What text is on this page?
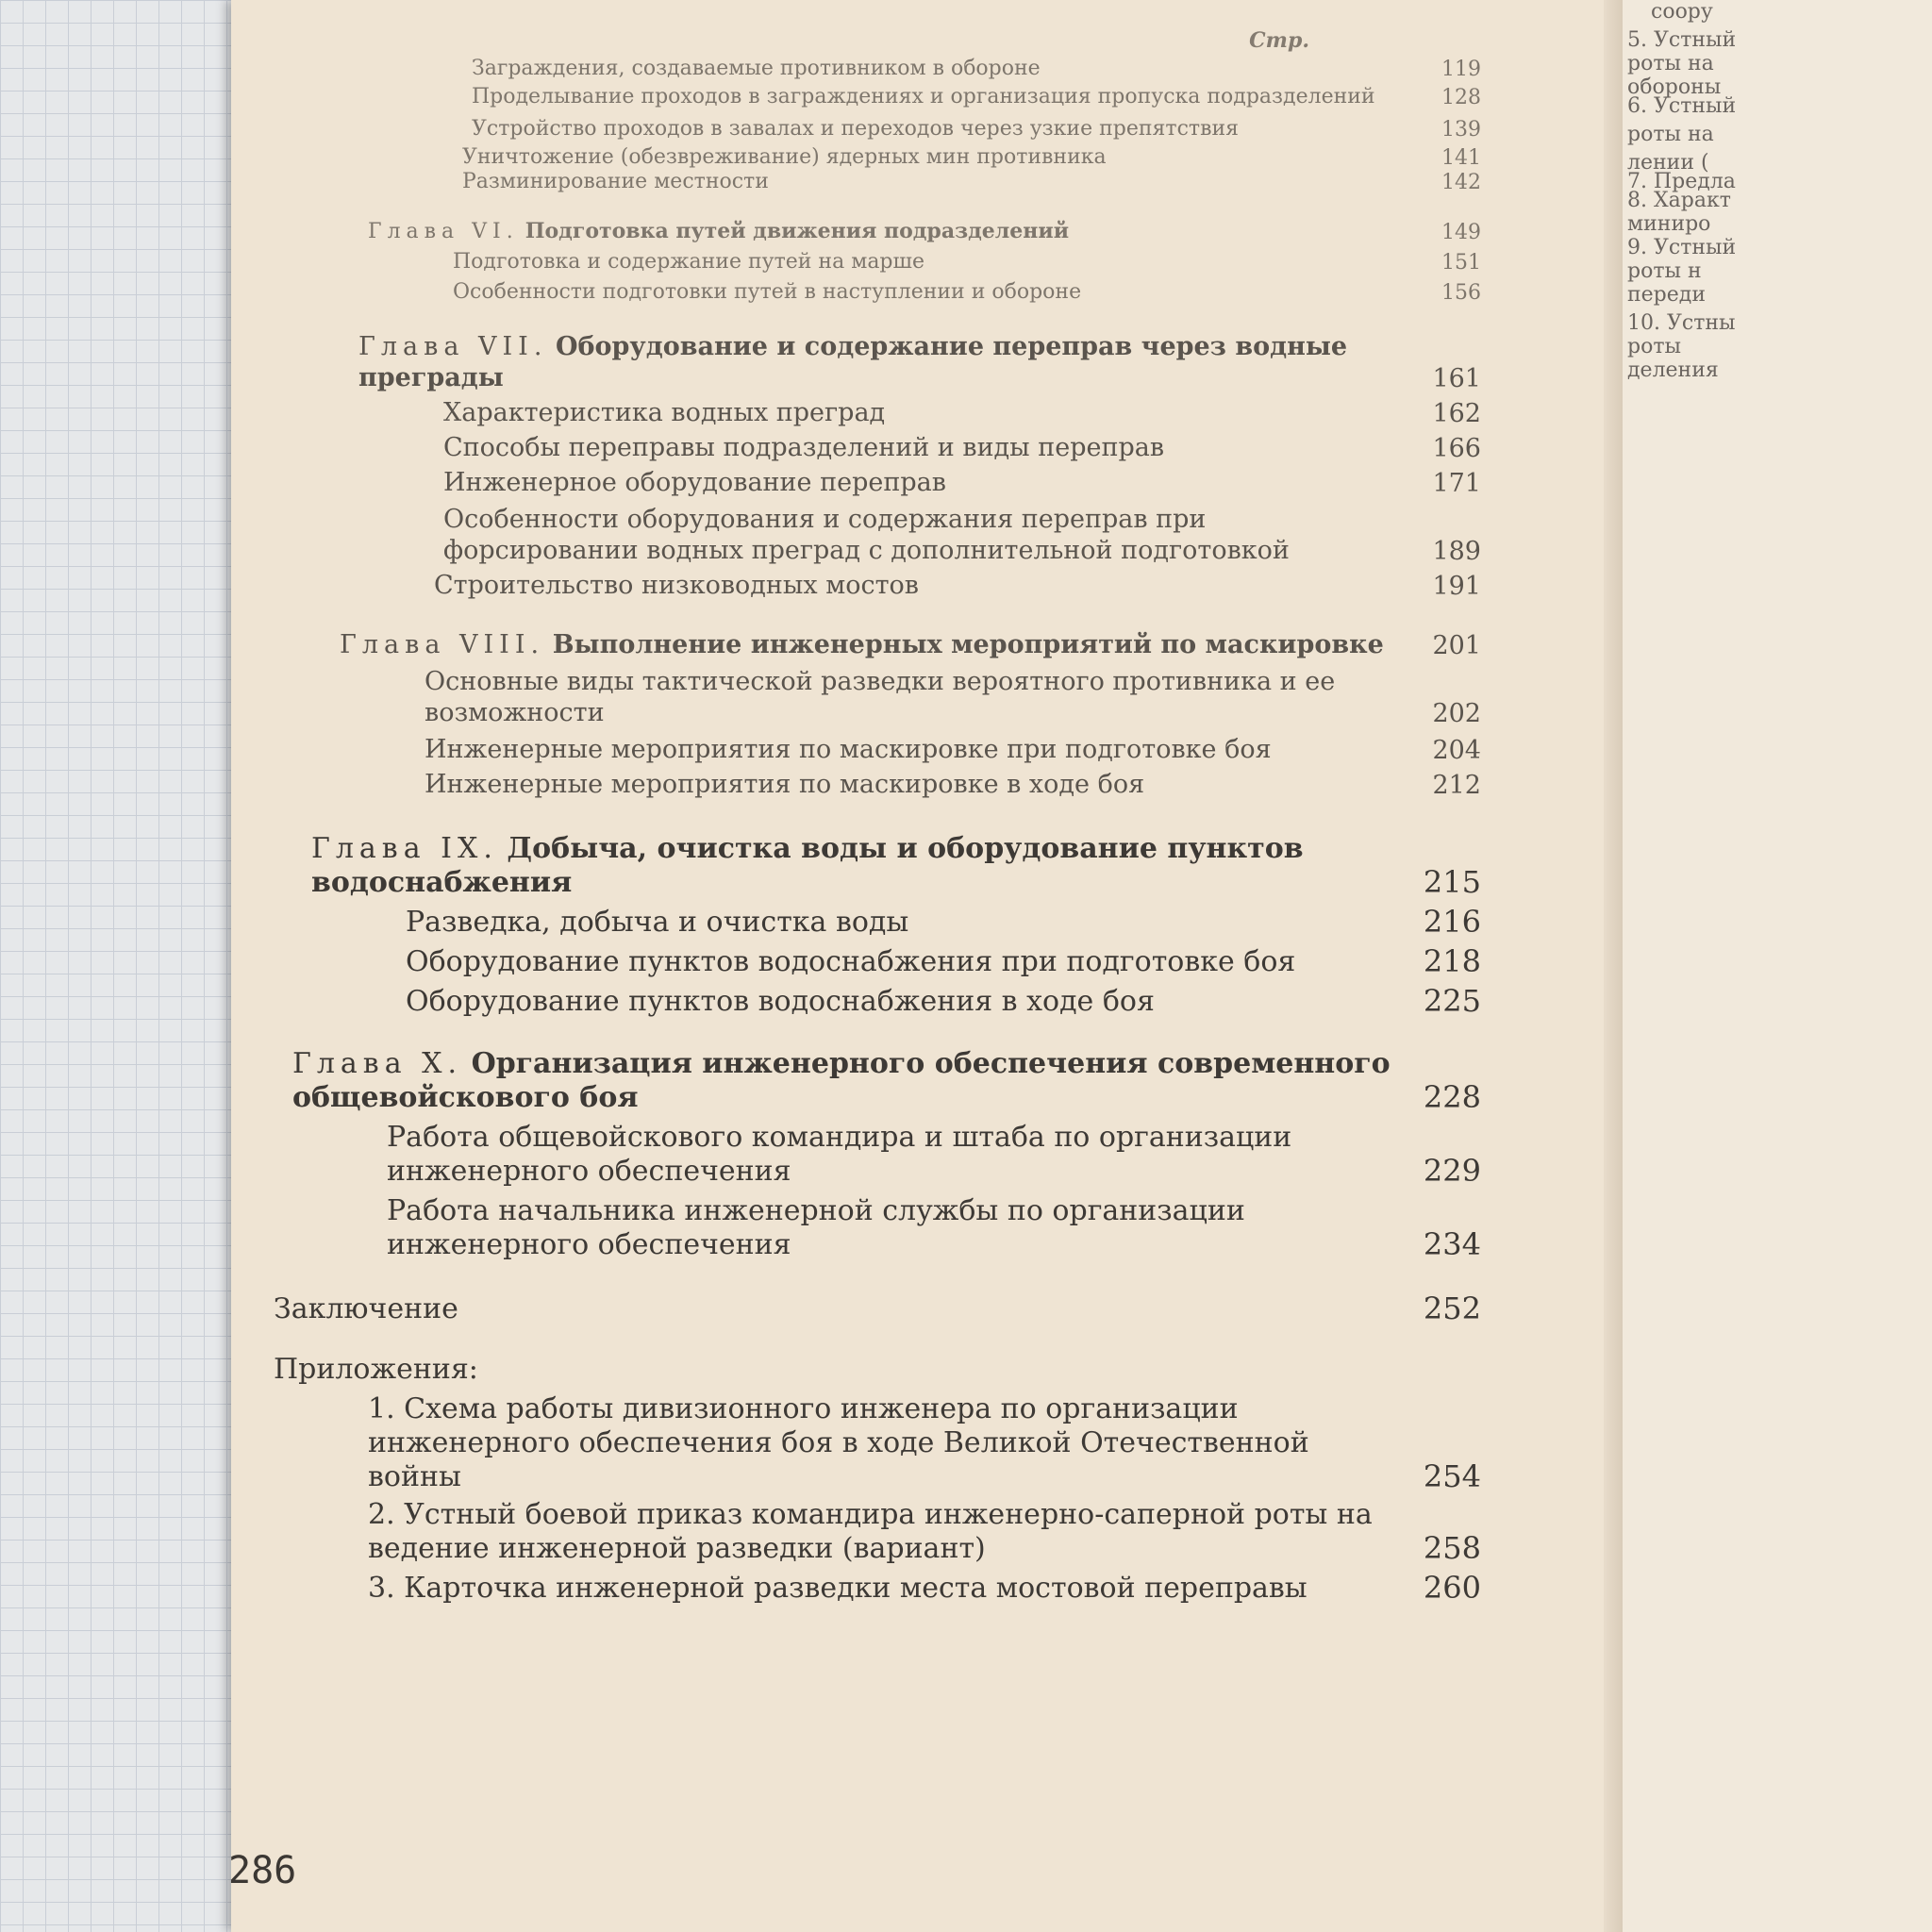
соору
5. Устный
роты на
обороны
6. Устный
роты на
лении (
7. Предла
8. Характ
миниро
9. Устный
роты н
переди
10. Устны
роты
деления
Стр.
Заграждения, создаваемые противником в обороне	119
Проделывание проходов в заграждениях и организация пропуска подразделений	128
Устройство проходов в завалах и переходов через узкие препятствия	139
Уничтожение (обезвреживание) ядерных мин противника	141
Разминирование местности	142
Глава VI. Подготовка путей движения подразделений	149
Подготовка и содержание путей на марше	151
Особенности подготовки путей в наступлении и обороне	156
Глава VII. Оборудование и содержание переправ через водные преграды	161
Характеристика водных преград	162
Способы переправы подразделений и виды переправ	166
Инженерное оборудование переправ	171
Особенности оборудования и содержания переправ при форсировании водных преград с дополнительной подготовкой	189
Строительство низководных мостов	191
Глава VIII. Выполнение инженерных мероприятий по маскировке	201
Основные виды тактической разведки вероятного противника и ее возможности	202
Инженерные мероприятия по маскировке при подготовке боя	204
Инженерные мероприятия по маскировке в ходе боя	212
Глава IX. Добыча, очистка воды и оборудование пунктов водоснабжения	215
Разведка, добыча и очистка воды	216
Оборудование пунктов водоснабжения при подготовке боя	218
Оборудование пунктов водоснабжения в ходе боя	225
Глава X. Организация инженерного обеспечения современного общевойскового боя	228
Работа общевойскового командира и штаба по организации инженерного обеспечения	229
Работа начальника инженерной службы по организации инженерного обеспечения	234
Заключение	252
Приложения:
1. Схема работы дивизионного инженера по организации инженерного обеспечения боя в ходе Великой Отечественной войны	254
2. Устный боевой приказ командира инженерно-саперной роты на ведение инженерной разведки (вариант)	258
3. Карточка инженерной разведки места мостовой переправы	260
286
